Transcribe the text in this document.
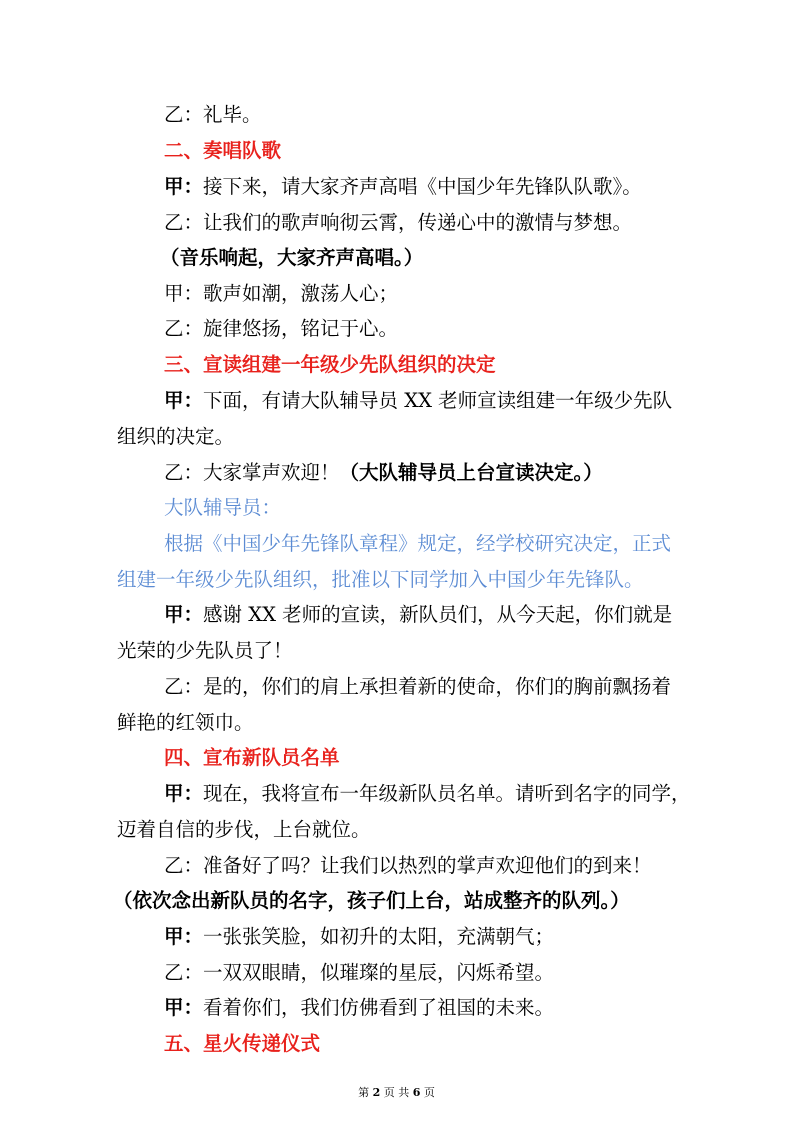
乙：礼毕。
二、奏唱队歌
甲：接下来，请大家齐声高唱《中国少年先锋队队歌》。
乙：让我们的歌声响彻云霄，传递心中的激情与梦想。
（音乐响起，大家齐声高唱。）
甲：歌声如潮，激荡人心；
乙：旋律悠扬，铭记于心。
三、宣读组建一年级少先队组织的决定
甲：下面，有请大队辅导员 XX 老师宣读组建一年级少先队
组织的决定。
乙：大家掌声欢迎！（大队辅导员上台宣读决定。）
大队辅导员：
根据《中国少年先锋队章程》规定，经学校研究决定，正式
组建一年级少先队组织，批准以下同学加入中国少年先锋队。
甲：感谢 XX 老师的宣读，新队员们，从今天起，你们就是
光荣的少先队员了！
乙：是的，你们的肩上承担着新的使命，你们的胸前飘扬着
鲜艳的红领巾。
四、宣布新队员名单
甲：现在，我将宣布一年级新队员名单。请听到名字的同学，
迈着自信的步伐，上台就位。
乙：准备好了吗？让我们以热烈的掌声欢迎他们的到来！
（依次念出新队员的名字，孩子们上台，站成整齐的队列。）
甲：一张张笑脸，如初升的太阳，充满朝气；
乙：一双双眼睛，似璀璨的星辰，闪烁希望。
甲：看着你们，我们仿佛看到了祖国的未来。
五、星火传递仪式
第 2 页 共 6 页
